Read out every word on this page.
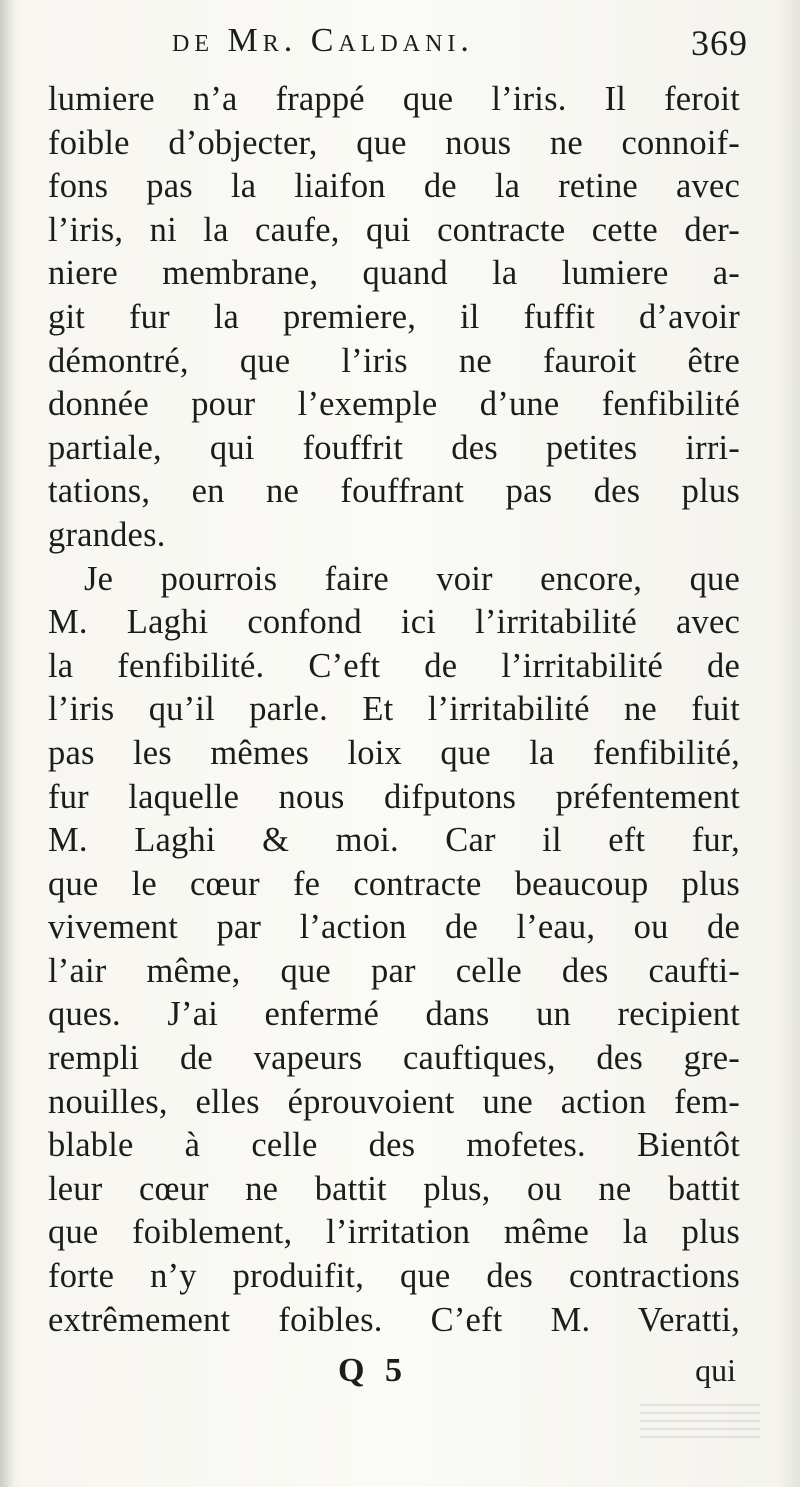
de Mr. Caldani.	369
lumiere n’a frappé que l’iris. Il feroit
foible d’objecter, que nous ne connoif-
fons pas la liaifon de la retine avec
l’iris, ni la caufe, qui contracte cette der-
niere membrane, quand la lumiere a-
git fur la premiere, il fuffit d’avoir
démontré, que l’iris ne fauroit être
donnée pour l’exemple d’une fenfibilité
partiale, qui fouffrit des petites irri-
tations, en ne fouffrant pas des plus
grandes.
Je pourrois faire voir encore, que
M. Laghi confond ici l’irritabilité avec
la fenfibilité. C’eft de l’irritabilité de
l’iris qu’il parle. Et l’irritabilité ne fuit
pas les mêmes loix que la fenfibilité,
fur laquelle nous difputons préfentement
M. Laghi & moi. Car il eft fur,
que le cœur fe contracte beaucoup plus
vivement par l’action de l’eau, ou de
l’air même, que par celle des caufti-
ques. J’ai enfermé dans un recipient
rempli de vapeurs cauftiques, des gre-
nouilles, elles éprouvoient une action fem-
blable à celle des mofetes. Bientôt
leur cœur ne battit plus, ou ne battit
que foiblement, l’irritation même la plus
forte n’y produifit, que des contractions
extrêmement foibles. C’eft M. Veratti,
Q 5	qui
